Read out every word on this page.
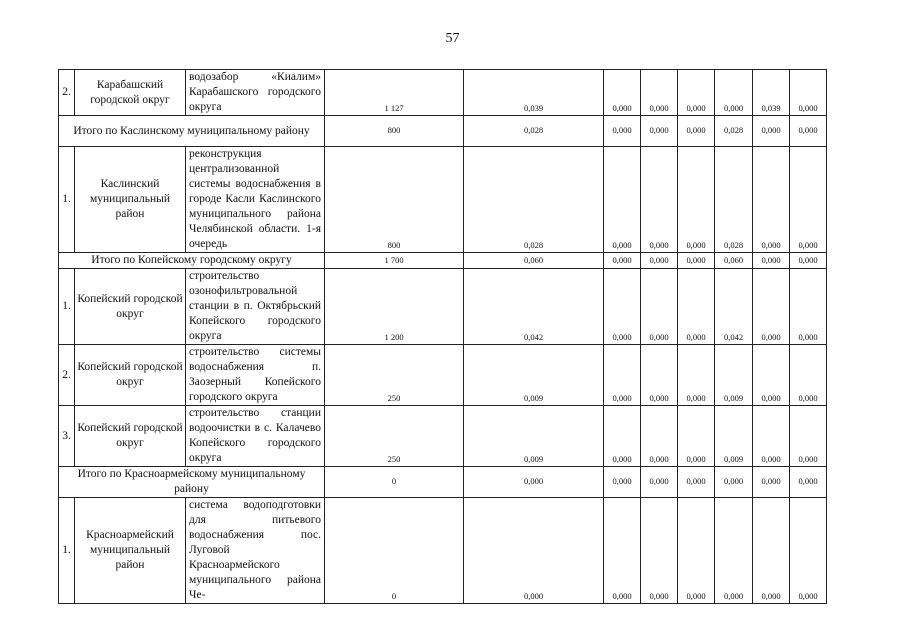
57
2.	Карабашский городской округ	водозабор «Киалим» Карабашского городского округа	1 127	0,039	0,000	0,000	0,000	0,000	0,039	0,000
Итого по Каслинскому муниципальному району			800	0,028	0,000	0,000	0,000	0,028	0,000	0,000
1.	Каслинский муниципальный район	реконструкция централизованной системы водоснабжения в городе Касли Каслинского муниципального района Челябинской области. 1-я очередь	800	0,028	0,000	0,000	0,000	0,028	0,000	0,000
Итого по Копейскому городскому округу			1 700	0,060	0,000	0,000	0,000	0,060	0,000	0,000
1.	Копейский городской округ	строительство озонофильтровальной станции в п. Октябрьский Копейского городского округа	1 200	0,042	0,000	0,000	0,000	0,042	0,000	0,000
2.	Копейский городской округ	строительство системы водоснабжения п. Заозерный Копейского городского округа	250	0,009	0,000	0,000	0,000	0,009	0,000	0,000
3.	Копейский городской округ	строительство станции водоочистки в с. Калачево Копейского городского округа	250	0,009	0,000	0,000	0,000	0,009	0,000	0,000
Итого по Красноармейскому муниципальному району			0	0,000	0,000	0,000	0,000	0,000	0,000	0,000
1.	Красноармейский муниципальный район	система водоподготовки для питьевого водоснабжения пос. Луговой Красноармейского муниципального района Че-	0	0,000	0,000	0,000	0,000	0,000	0,000	0,000
